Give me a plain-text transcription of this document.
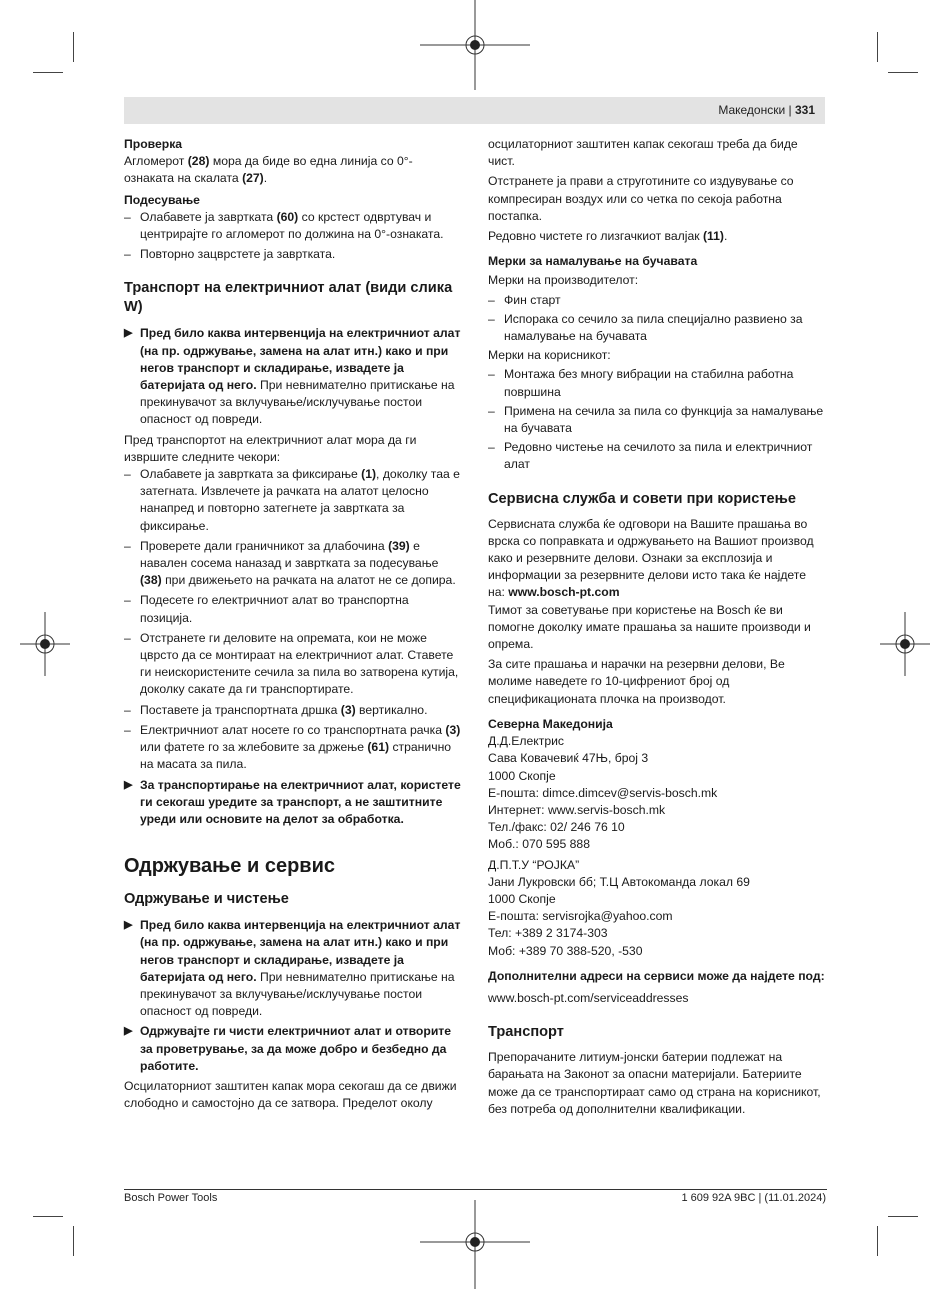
Македонски | 331

Проверка

Агломерот (28) мора да биде во една линија со 0°-ознаката на скалата (27).

Подесување

– Олабавете ја завртката (60) со крстест одвртувач и центрирајте го агломерот по должина на 0°-ознаката.

– Повторно зацврстете ја завртката.

Транспорт на електричниот алат (види слика W)

▶ Пред било каква интервенција на електричниот алат (на пр. одржување, замена на алат итн.) како и при негов транспорт и складирање, извадете ја батеријата од него. При невнимателно притискање на прекинувачот за вклучување/исклучување постои опасност од повреди.

Пред транспортот на електричниот алат мора да ги извршите следните чекори:

– Олабавете ја завртката за фиксирање (1), доколку таа е затегната. Извлечете ја рачката на алатот целосно нанапред и повторно затегнете ја завртката за фиксирање.

– Проверете дали граничникот за длабочина (39) е навален сосема наназад и завртката за подесување (38) при движењето на рачката на алатот не се допира.

– Подесете го електричниот алат во транспортна позиција.

– Отстранете ги деловите на опремата, кои не може цврсто да се монтираат на електричниот алат. Ставете ги неискористените сечила за пила во затворена кутија, доколку сакате да ги транспортирате.

– Поставете ја транспортната дршка (3) вертикално.

– Електричниот алат носете го со транспортната рачка (3) или фатете го за жлебовите за држење (61) странично на масата за пила.

▶ За транспортирање на електричниот алат, користете ги секогаш уредите за транспорт, а не заштитните уреди или основите на делот за обработка.

Одржување и сервис

Одржување и чистење

▶ Пред било каква интервенција на електричниот алат (на пр. одржување, замена на алат итн.) како и при негов транспорт и складирање, извадете ја батеријата од него. При невнимателно притискање на прекинувачот за вклучување/исклучување постои опасност од повреди.

▶ Одржувајте ги чисти електричниот алат и отворите за проветрување, за да може добро и безбедно да работите.

Осцилаторниот заштитен капак мора секогаш да се движи слободно и самостојно да се затвора. Пределот околу

осцилаторниот заштитен капак секогаш треба да биде чист.

Отстранете ја прави а струготините со издувување со компресиран воздух или со четка по секоја работна постапка.

Редовно чистете го лизгачкиот валјак (11).

Мерки за намалување на бучавата

Мерки на производителот:

– Фин старт

– Испорака со сечило за пила специјално развиено за намалување на бучавата

Мерки на корисникот:

– Монтажа без многу вибрации на стабилна работна површина

– Примена на сечила за пила со функција за намалување на бучавата

– Редовно чистење на сечилото за пила и електричниот алат

Сервисна служба и совети при користење

Сервисната служба ќе одговори на Вашите прашања во врска со поправката и одржувањето на Вашиот производ како и резервните делови. Ознаки за експлозија и информации за резервните делови исто така ќе најдете на: www.bosch-pt.com

Тимот за советување при користење на Bosch ќе ви помогне доколку имате прашања за нашите производи и опрема.

За сите прашања и нарачки на резервни делови, Ве молиме наведете го 10-цифрениот број од спецификационата плочка на производот.

Северна Македонија

Д.Д.Електрис

Сава Ковачевиќ 47Њ, број 3

1000 Скопје

Е-пошта: dimce.dimcev@servis-bosch.mk

Интернет: www.servis-bosch.mk

Тел./факс: 02/ 246 76 10

Моб.: 070 595 888

Д.П.Т.У “РОЈКА”

Јани Лукровски бб; Т.Ц Автокоманда локал 69

1000 Скопје

Е-пошта: servisrojka@yahoo.com

Тел: +389 2 3174-303

Моб: +389 70 388-520, -530

Дополнителни адреси на сервиси може да најдете под:

www.bosch-pt.com/serviceaddresses

Транспорт

Препорачаните литиум-јонски батерии подлежат на барањата на Законот за опасни материјали. Батериите може да се транспортираат само од страна на корисникот, без потреба од дополнителни квалификации.

Bosch Power Tools	1 609 92A 9BC | (11.01.2024)
